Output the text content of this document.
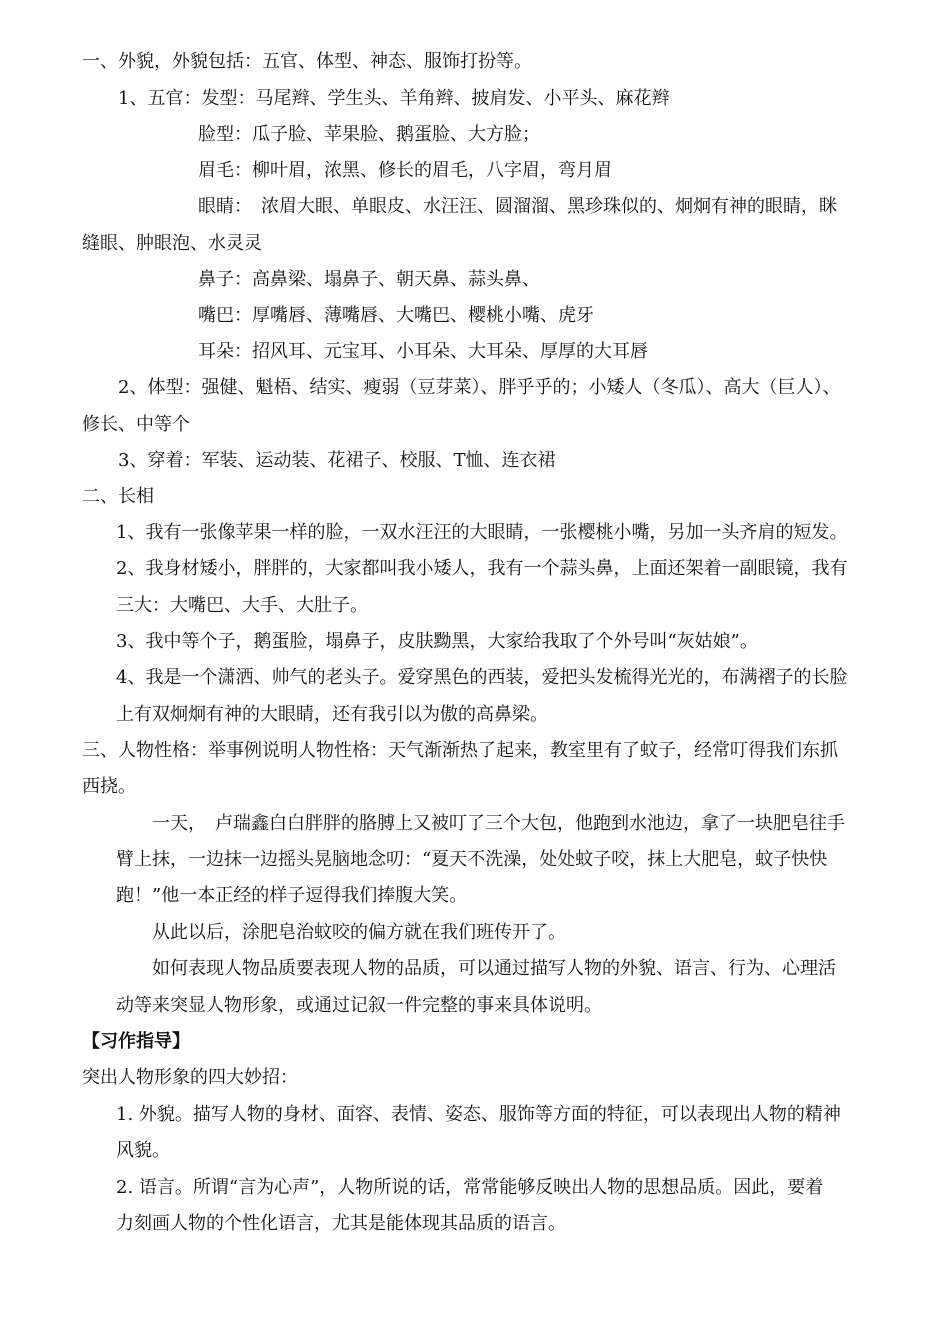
一、外貌，外貌包括：五官、体型、神态、服饰打扮等。
1、五官：发型：马尾辫、学生头、羊角辫、披肩发、小平头、麻花辫
脸型：瓜子脸、苹果脸、鹅蛋脸、大方脸；
眉毛：柳叶眉，浓黑、修长的眉毛，八字眉，弯月眉
眼睛：　浓眉大眼、单眼皮、水汪汪、圆溜溜、黑珍珠似的、炯炯有神的眼睛，眯
缝眼、肿眼泡、水灵灵
鼻子：高鼻梁、塌鼻子、朝天鼻、蒜头鼻、
嘴巴：厚嘴唇、薄嘴唇、大嘴巴、樱桃小嘴、虎牙
耳朵：招风耳、元宝耳、小耳朵、大耳朵、厚厚的大耳唇
2、体型：强健、魁梧、结实、瘦弱（豆芽菜）、胖乎乎的；小矮人（冬瓜）、高大（巨人）、
修长、中等个
3、穿着：军装、运动装、花裙子、校服、T恤、连衣裙
二、长相
1、我有一张像苹果一样的脸，一双水汪汪的大眼睛，一张樱桃小嘴，另加一头齐肩的短发。
2、我身材矮小，胖胖的，大家都叫我小矮人，我有一个蒜头鼻，上面还架着一副眼镜，我有
三大：大嘴巴、大手、大肚子。
3、我中等个子，鹅蛋脸，塌鼻子，皮肤黝黑，大家给我取了个外号叫“灰姑娘”。
4、我是一个潇洒、帅气的老头子。爱穿黑色的西装，爱把头发梳得光光的，布满褶子的长脸
上有双炯炯有神的大眼睛，还有我引以为傲的高鼻梁。
三、人物性格：举事例说明人物性格：天气渐渐热了起来，教室里有了蚊子，经常叮得我们东抓
西挠。
一天，　卢瑞鑫白白胖胖的胳膊上又被叮了三个大包，他跑到水池边，拿了一块肥皂往手
臂上抹，一边抹一边摇头晃脑地念叨：“夏天不洗澡，处处蚊子咬，抹上大肥皂，蚊子快快
跑！”他一本正经的样子逗得我们捧腹大笑。
从此以后，涂肥皂治蚊咬的偏方就在我们班传开了。
如何表现人物品质要表现人物的品质，可以通过描写人物的外貌、语言、行为、心理活
动等来突显人物形象，或通过记叙一件完整的事来具体说明。
【习作指导】
突出人物形象的四大妙招：
1. 外貌。描写人物的身材、面容、表情、姿态、服饰等方面的特征，可以表现出人物的精神
风貌。
2. 语言。所谓“言为心声”，人物所说的话，常常能够反映出人物的思想品质。因此，要着
力刻画人物的个性化语言，尤其是能体现其品质的语言。
